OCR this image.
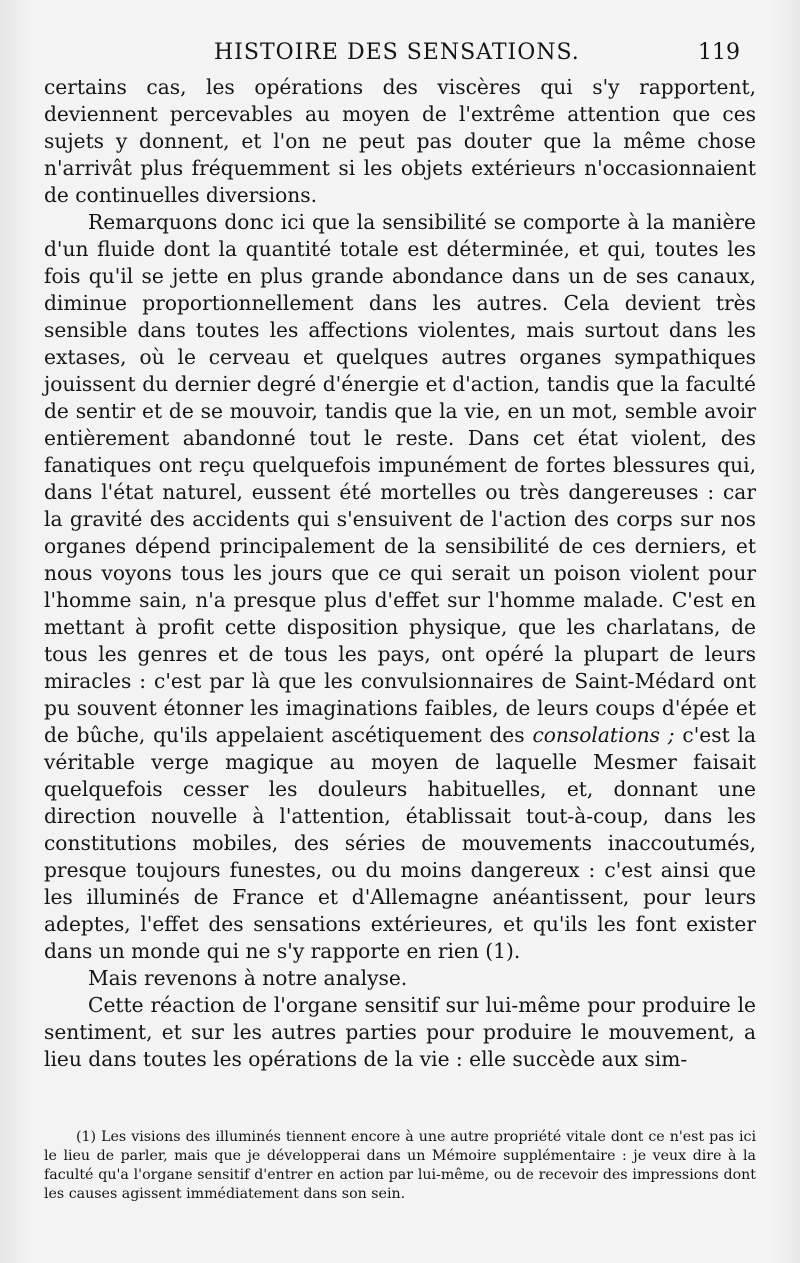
HISTOIRE DES SENSATIONS.	119

certains cas, les opérations des viscères qui s'y rapportent, deviennent percevables au moyen de l'extrême attention que ces sujets y donnent, et l'on ne peut pas douter que la même chose n'arrivât plus fréquemment si les objets extérieurs n'occasionnaient de continuelles diversions.

Remarquons donc ici que la sensibilité se comporte à la manière d'un fluide dont la quantité totale est déterminée, et qui, toutes les fois qu'il se jette en plus grande abondance dans un de ses canaux, diminue proportionnellement dans les autres. Cela devient très sensible dans toutes les affections violentes, mais surtout dans les extases, où le cerveau et quelques autres organes sympathiques jouissent du dernier degré d'énergie et d'action, tandis que la faculté de sentir et de se mouvoir, tandis que la vie, en un mot, semble avoir entièrement abandonné tout le reste. Dans cet état violent, des fanatiques ont reçu quelquefois impunément de fortes blessures qui, dans l'état naturel, eussent été mortelles ou très dangereuses : car la gravité des accidents qui s'ensuivent de l'action des corps sur nos organes dépend principalement de la sensibilité de ces derniers, et nous voyons tous les jours que ce qui serait un poison violent pour l'homme sain, n'a presque plus d'effet sur l'homme malade. C'est en mettant à profit cette disposition physique, que les charlatans, de tous les genres et de tous les pays, ont opéré la plupart de leurs miracles : c'est par là que les convulsionnaires de Saint-Médard ont pu souvent étonner les imaginations faibles, de leurs coups d'épée et de bûche, qu'ils appelaient ascétiquement des consolations ; c'est la véritable verge magique au moyen de laquelle Mesmer faisait quelquefois cesser les douleurs habituelles, et, donnant une direction nouvelle à l'attention, établissait tout-à-coup, dans les constitutions mobiles, des séries de mouvements inaccoutumés, presque toujours funestes, ou du moins dangereux : c'est ainsi que les illuminés de France et d'Allemagne anéantissent, pour leurs adeptes, l'effet des sensations extérieures, et qu'ils les font exister dans un monde qui ne s'y rapporte en rien (1).

Mais revenons à notre analyse.

Cette réaction de l'organe sensitif sur lui-même pour produire le sentiment, et sur les autres parties pour produire le mouvement, a lieu dans toutes les opérations de la vie : elle succède aux sim-

(1) Les visions des illuminés tiennent encore à une autre propriété vitale dont ce n'est pas ici le lieu de parler, mais que je développerai dans un Mémoire supplémentaire : je veux dire à la faculté qu'a l'organe sensitif d'entrer en action par lui-même, ou de recevoir des impressions dont les causes agissent immédiatement dans son sein.
